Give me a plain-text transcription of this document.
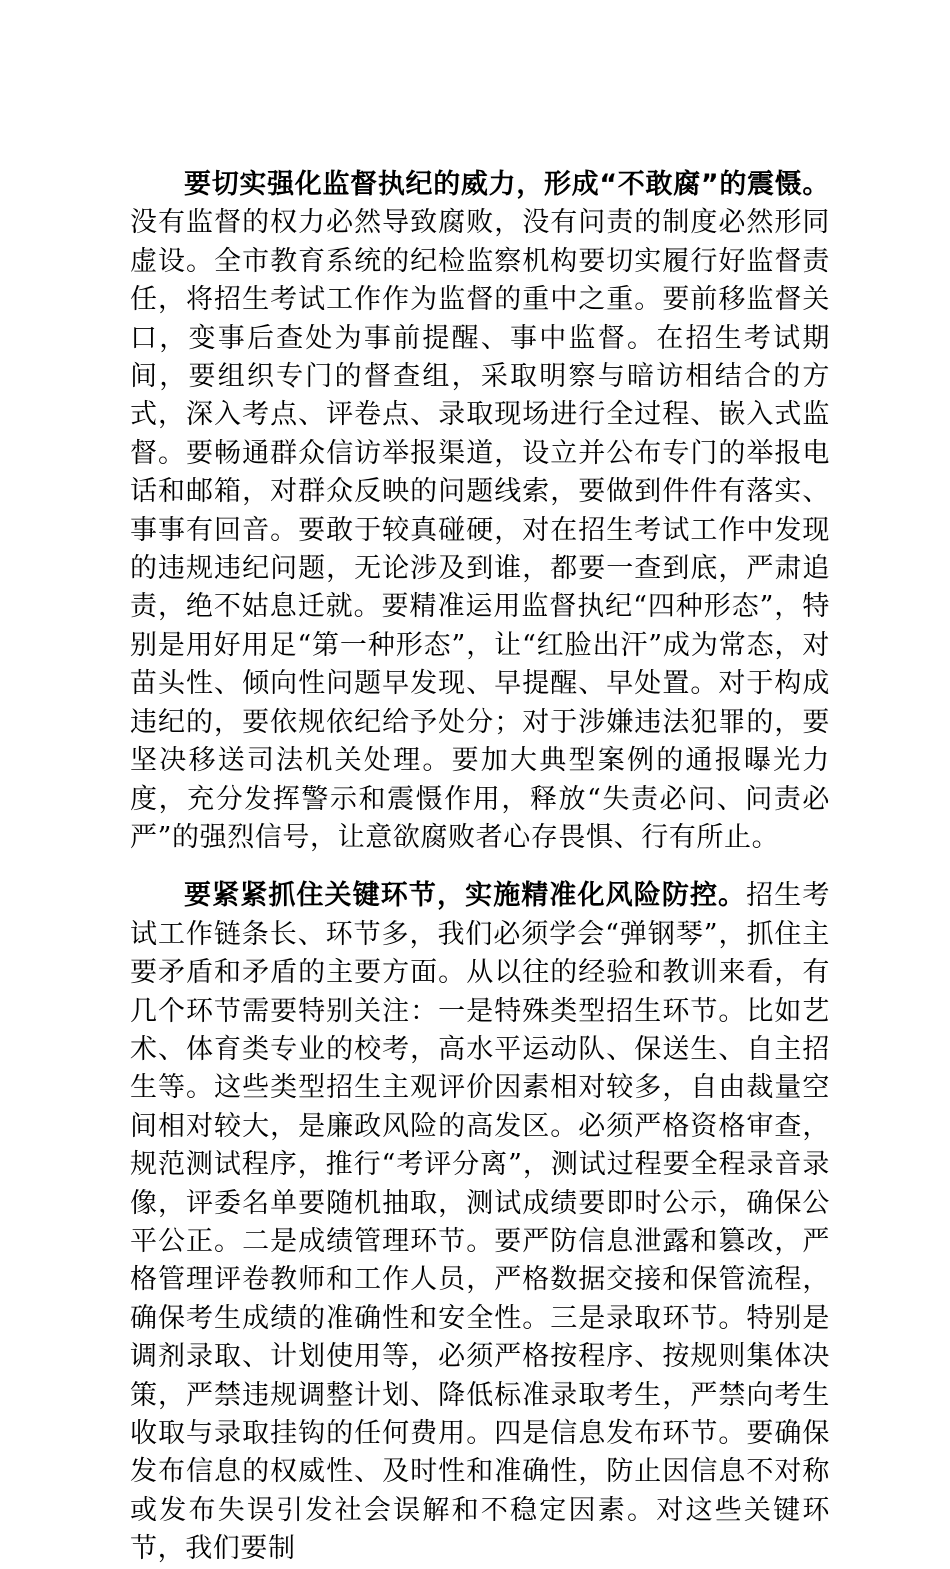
要切实强化监督执纪的威力，形成“不敢腐”的震慑。没有监督的权力必然导致腐败，没有问责的制度必然形同虚设。全市教育系统的纪检监察机构要切实履行好监督责任，将招生考试工作作为监督的重中之重。要前移监督关口，变事后查处为事前提醒、事中监督。在招生考试期间，要组织专门的督查组，采取明察与暗访相结合的方式，深入考点、评卷点、录取现场进行全过程、嵌入式监督。要畅通群众信访举报渠道，设立并公布专门的举报电话和邮箱，对群众反映的问题线索，要做到件件有落实、事事有回音。要敢于较真碰硬，对在招生考试工作中发现的违规违纪问题，无论涉及到谁，都要一查到底，严肃追责，绝不姑息迁就。要精准运用监督执纪“四种形态”，特别是用好用足“第一种形态”，让“红脸出汗”成为常态，对苗头性、倾向性问题早发现、早提醒、早处置。对于构成违纪的，要依规依纪给予处分；对于涉嫌违法犯罪的，要坚决移送司法机关处理。要加大典型案例的通报曝光力度，充分发挥警示和震慑作用，释放“失责必问、问责必严”的强烈信号，让意欲腐败者心存畏惧、行有所止。

要紧紧抓住关键环节，实施精准化风险防控。招生考试工作链条长、环节多，我们必须学会“弹钢琴”，抓住主要矛盾和矛盾的主要方面。从以往的经验和教训来看，有几个环节需要特别关注：一是特殊类型招生环节。比如艺术、体育类专业的校考，高水平运动队、保送生、自主招生等。这些类型招生主观评价因素相对较多，自由裁量空间相对较大，是廉政风险的高发区。必须严格资格审查，规范测试程序，推行“考评分离”，测试过程要全程录音录像，评委名单要随机抽取，测试成绩要即时公示，确保公平公正。二是成绩管理环节。要严防信息泄露和篡改，严格管理评卷教师和工作人员，严格数据交接和保管流程，确保考生成绩的准确性和安全性。三是录取环节。特别是调剂录取、计划使用等，必须严格按程序、按规则集体决策，严禁违规调整计划、降低标准录取考生，严禁向考生收取与录取挂钩的任何费用。四是信息发布环节。要确保发布信息的权威性、及时性和准确性，防止因信息不对称或发布失误引发社会误解和不稳定因素。对这些关键环节，我们要制
